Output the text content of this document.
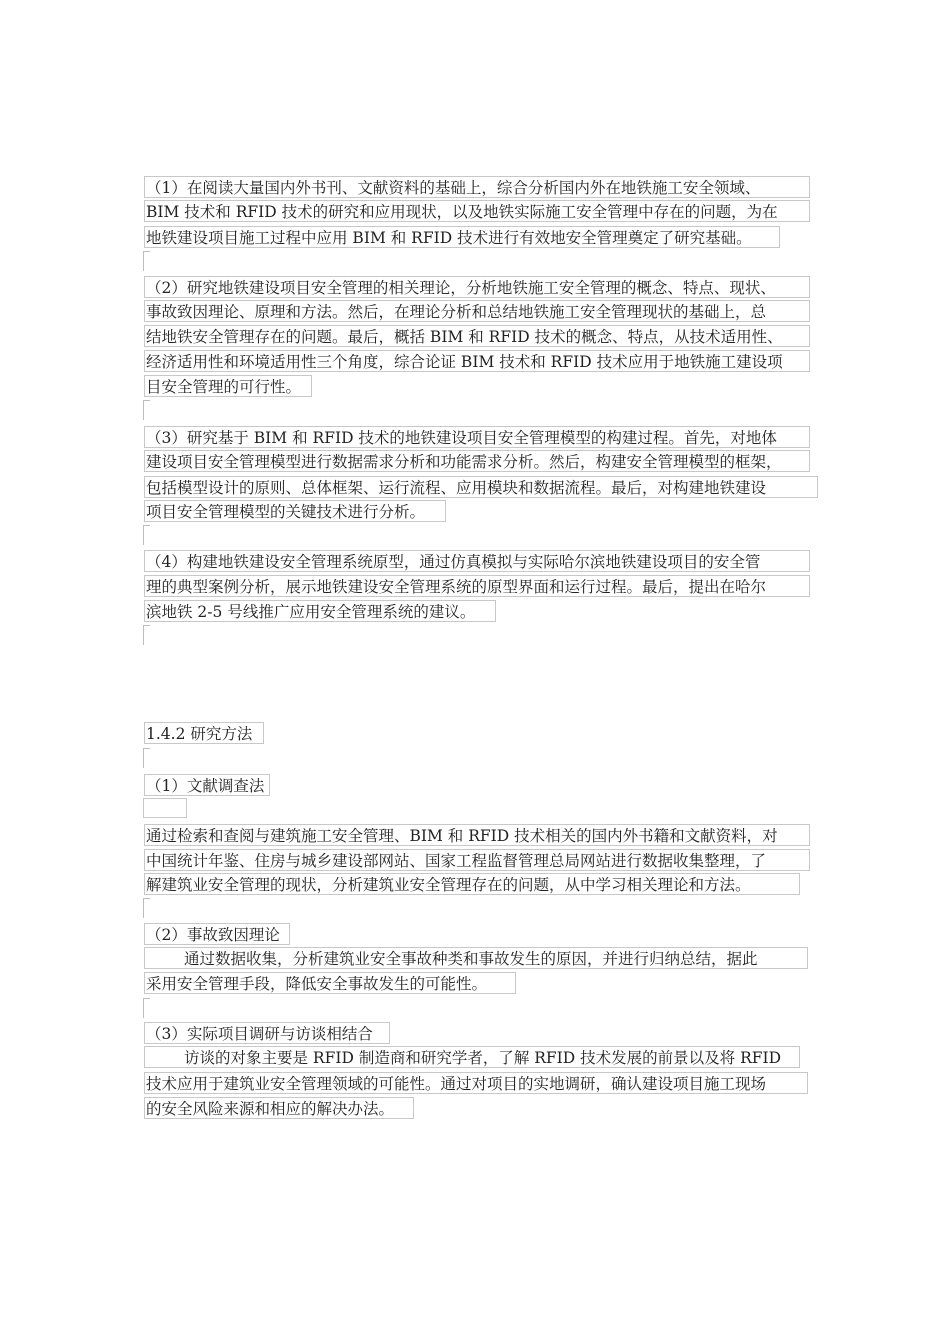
（1）在阅读大量国内外书刊、文献资料的基础上，综合分析国内外在地铁施工安全领域、
BIM 技术和 RFID 技术的研究和应用现状，以及地铁实际施工安全管理中存在的问题，为在
地铁建设项目施工过程中应用 BIM 和 RFID 技术进行有效地安全管理奠定了研究基础。
（2）研究地铁建设项目安全管理的相关理论，分析地铁施工安全管理的概念、特点、现状、
事故致因理论、原理和方法。然后，在理论分析和总结地铁施工安全管理现状的基础上，总
结地铁安全管理存在的问题。最后，概括 BIM 和 RFID 技术的概念、特点，从技术适用性、
经济适用性和环境适用性三个角度，综合论证 BIM 技术和 RFID 技术应用于地铁施工建设项
目安全管理的可行性。
（3）研究基于 BIM 和 RFID 技术的地铁建设项目安全管理模型的构建过程。首先，对地体
建设项目安全管理模型进行数据需求分析和功能需求分析。然后，构建安全管理模型的框架，
包括模型设计的原则、总体框架、运行流程、应用模块和数据流程。最后，对构建地铁建设
项目安全管理模型的关键技术进行分析。
（4）构建地铁建设安全管理系统原型，通过仿真模拟与实际哈尔滨地铁建设项目的安全管
理的典型案例分析，展示地铁建设安全管理系统的原型界面和运行过程。最后，提出在哈尔
滨地铁 2-5 号线推广应用安全管理系统的建议。
1.4.2 研究方法
（1）文献调查法
通过检索和查阅与建筑施工安全管理、BIM 和 RFID 技术相关的国内外书籍和文献资料，对
中国统计年鉴、住房与城乡建设部网站、国家工程监督管理总局网站进行数据收集整理，了
解建筑业安全管理的现状，分析建筑业安全管理存在的问题，从中学习相关理论和方法。
（2）事故致因理论
通过数据收集，分析建筑业安全事故种类和事故发生的原因，并进行归纳总结，据此
采用安全管理手段，降低安全事故发生的可能性。
（3）实际项目调研与访谈相结合
访谈的对象主要是 RFID 制造商和研究学者，了解 RFID 技术发展的前景以及将 RFID
技术应用于建筑业安全管理领域的可能性。通过对项目的实地调研，确认建设项目施工现场
的安全风险来源和相应的解决办法。
